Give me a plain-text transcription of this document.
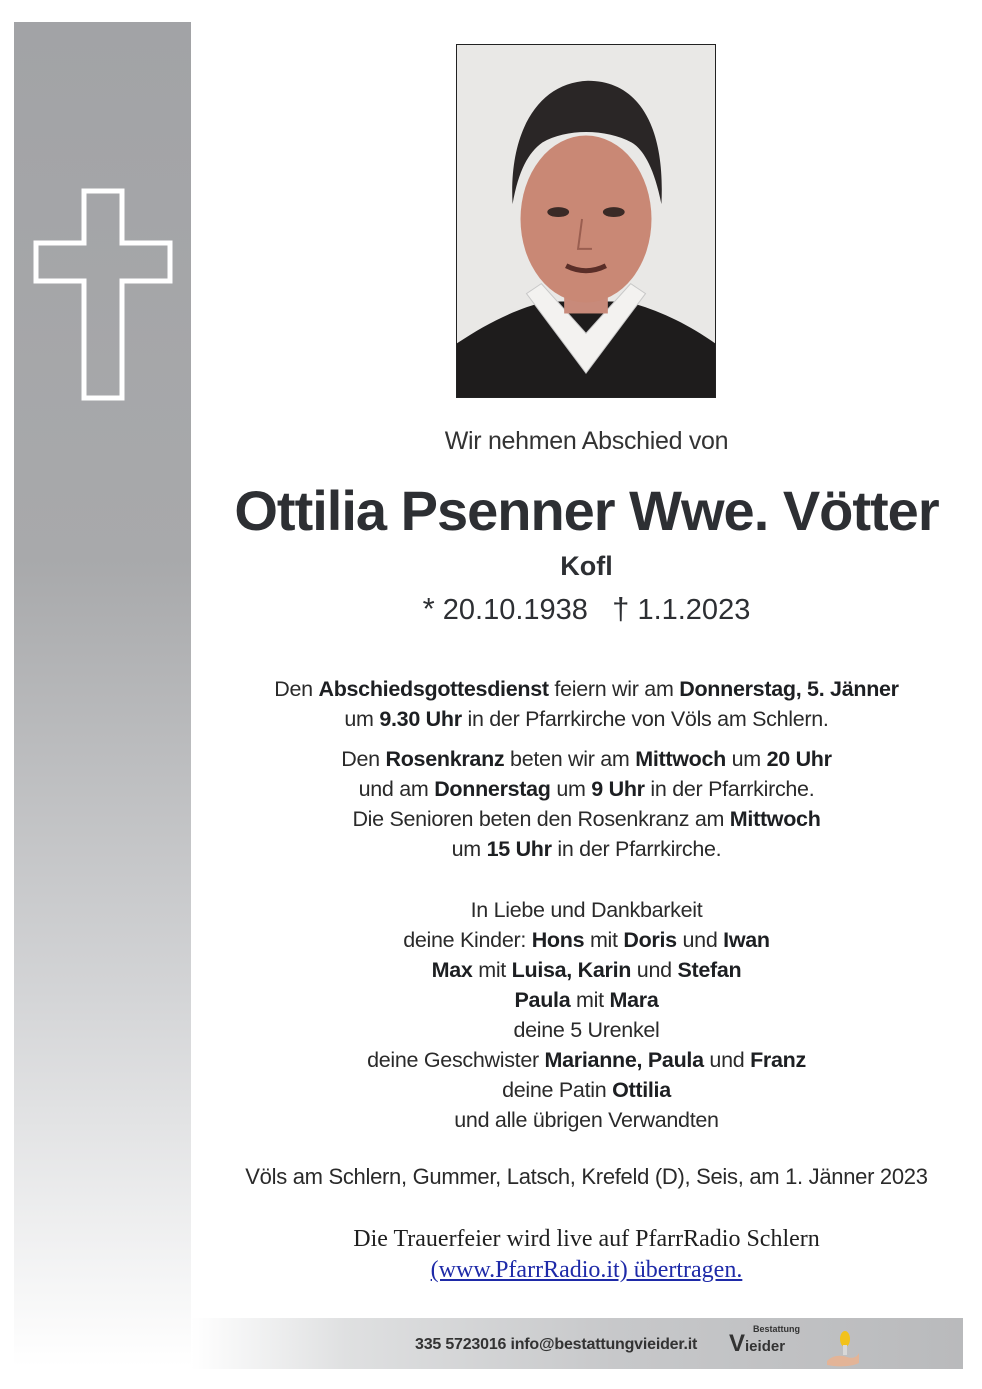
Wir nehmen Abschied von
Ottilia Psenner Wwe. Vötter
Kofl
* 20.10.1938 † 1.1.2023
Den Abschiedsgottesdienst feiern wir am Donnerstag, 5. Jänner
um 9.30 Uhr in der Pfarrkirche von Völs am Schlern.
Den Rosenkranz beten wir am Mittwoch um 20 Uhr
und am Donnerstag um 9 Uhr in der Pfarrkirche.
Die Senioren beten den Rosenkranz am Mittwoch
um 15 Uhr in der Pfarrkirche.
In Liebe und Dankbarkeit
deine Kinder: Hons mit Doris und Iwan
Max mit Luisa, Karin und Stefan
Paula mit Mara
deine 5 Urenkel
deine Geschwister Marianne, Paula und Franz
deine Patin Ottilia
und alle übrigen Verwandten
Völs am Schlern, Gummer, Latsch, Krefeld (D), Seis, am 1. Jänner 2023
Die Trauerfeier wird live auf PfarrRadio Schlern
(www.PfarrRadio.it) übertragen.
335 5723016 info@bestattungvieider.it
Bestattung
Vieider
